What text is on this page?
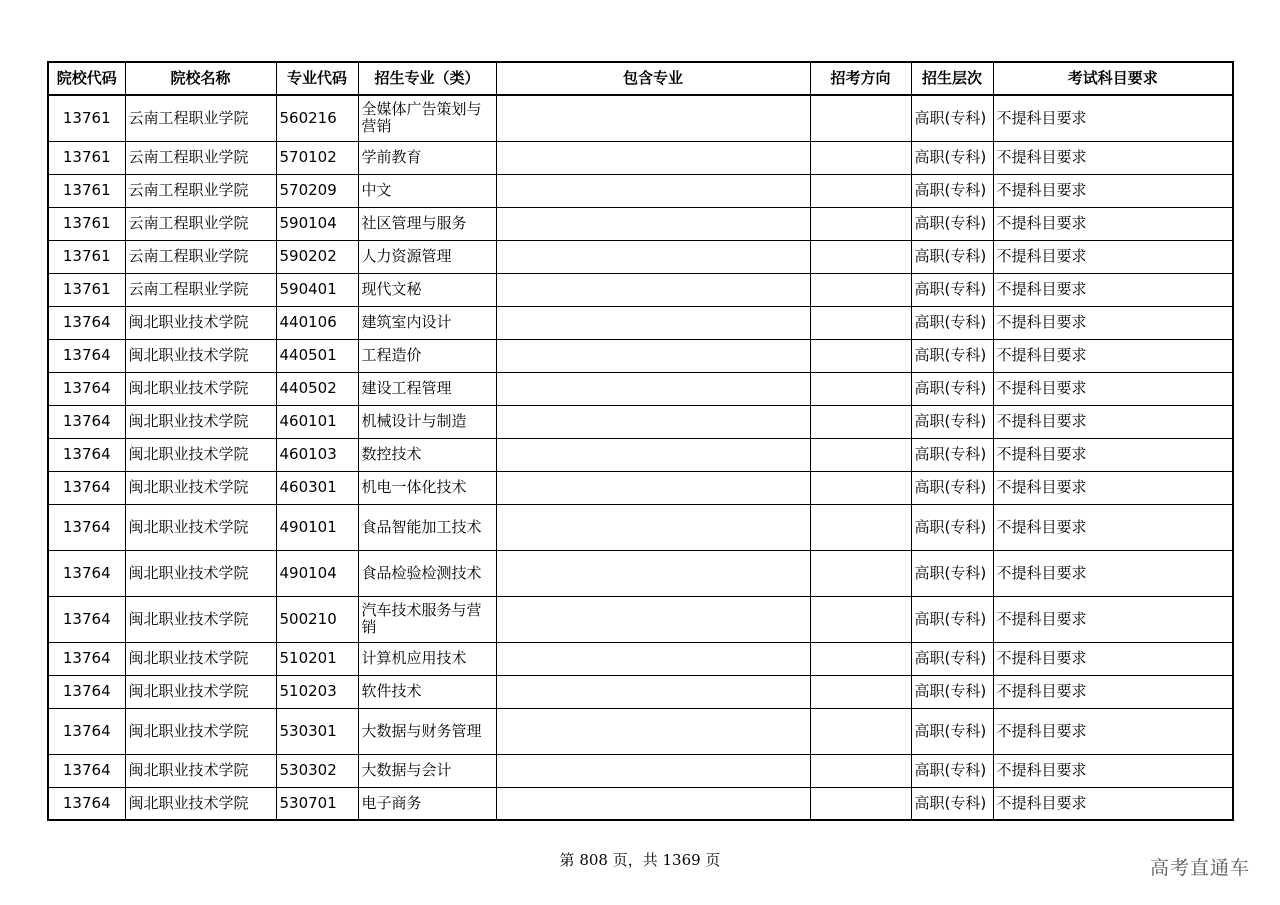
院校代码	院校名称	专业代码	招生专业（类）	包含专业	招考方向	招生层次	考试科目要求
13761	云南工程职业学院	560216	全媒体广告策划与营销			高职(专科)	不提科目要求
13761	云南工程职业学院	570102	学前教育			高职(专科)	不提科目要求
13761	云南工程职业学院	570209	中文			高职(专科)	不提科目要求
13761	云南工程职业学院	590104	社区管理与服务			高职(专科)	不提科目要求
13761	云南工程职业学院	590202	人力资源管理			高职(专科)	不提科目要求
13761	云南工程职业学院	590401	现代文秘			高职(专科)	不提科目要求
13764	闽北职业技术学院	440106	建筑室内设计			高职(专科)	不提科目要求
13764	闽北职业技术学院	440501	工程造价			高职(专科)	不提科目要求
13764	闽北职业技术学院	440502	建设工程管理			高职(专科)	不提科目要求
13764	闽北职业技术学院	460101	机械设计与制造			高职(专科)	不提科目要求
13764	闽北职业技术学院	460103	数控技术			高职(专科)	不提科目要求
13764	闽北职业技术学院	460301	机电一体化技术			高职(专科)	不提科目要求
13764	闽北职业技术学院	490101	食品智能加工技术			高职(专科)	不提科目要求
13764	闽北职业技术学院	490104	食品检验检测技术			高职(专科)	不提科目要求
13764	闽北职业技术学院	500210	汽车技术服务与营销			高职(专科)	不提科目要求
13764	闽北职业技术学院	510201	计算机应用技术			高职(专科)	不提科目要求
13764	闽北职业技术学院	510203	软件技术			高职(专科)	不提科目要求
13764	闽北职业技术学院	530301	大数据与财务管理			高职(专科)	不提科目要求
13764	闽北职业技术学院	530302	大数据与会计			高职(专科)	不提科目要求
13764	闽北职业技术学院	530701	电子商务			高职(专科)	不提科目要求
第 808 页，共 1369 页	高考直通车
